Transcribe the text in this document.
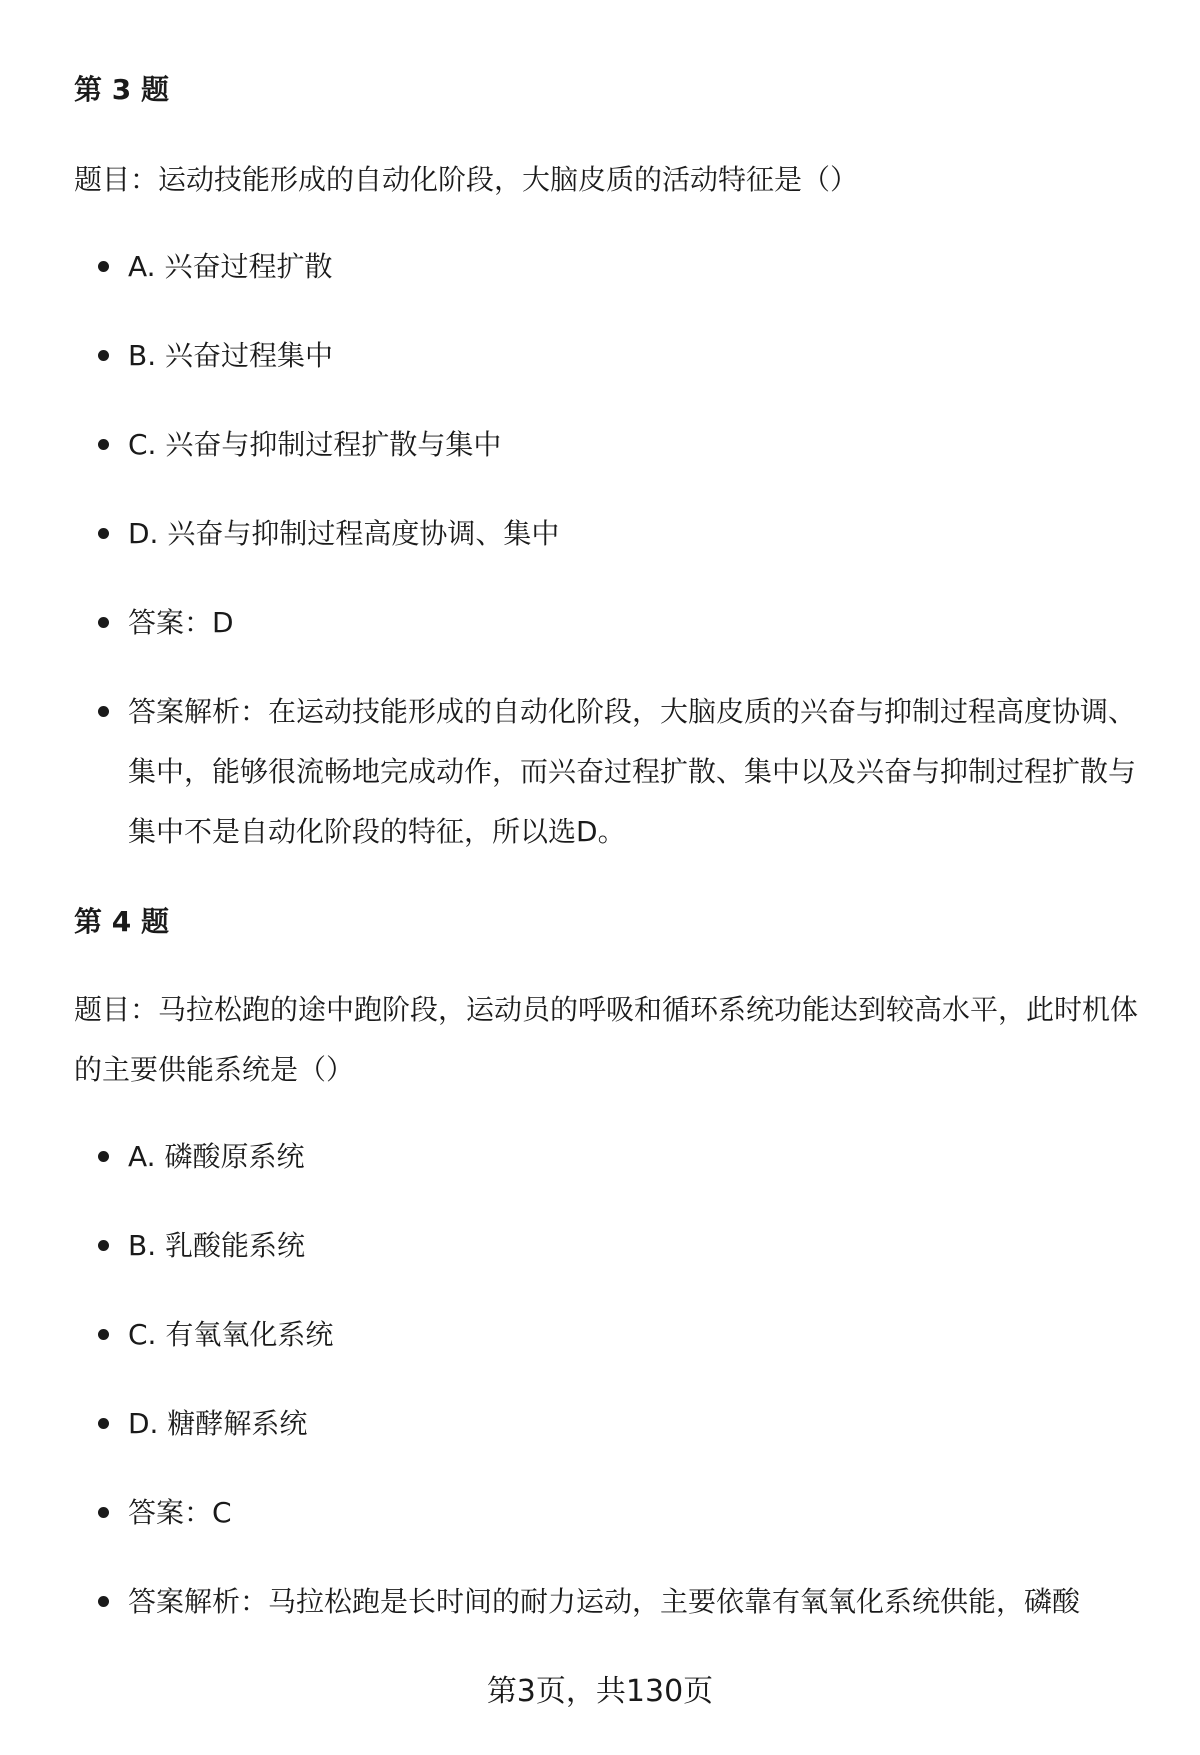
第 3 题

题目：运动技能形成的自动化阶段，大脑皮质的活动特征是（）

A. 兴奋过程扩散
B. 兴奋过程集中
C. 兴奋与抑制过程扩散与集中
D. 兴奋与抑制过程高度协调、集中
答案：D
答案解析：在运动技能形成的自动化阶段，大脑皮质的兴奋与抑制过程高度协调、集中，能够很流畅地完成动作，而兴奋过程扩散、集中以及兴奋与抑制过程扩散与集中不是自动化阶段的特征，所以选D。
第 4 题

题目：马拉松跑的途中跑阶段，运动员的呼吸和循环系统功能达到较高水平，此时机体的主要供能系统是（）

A. 磷酸原系统
B. 乳酸能系统
C. 有氧氧化系统
D. 糖酵解系统
答案：C
答案解析：马拉松跑是长时间的耐力运动，主要依靠有氧氧化系统供能，磷酸
第3页，共130页
